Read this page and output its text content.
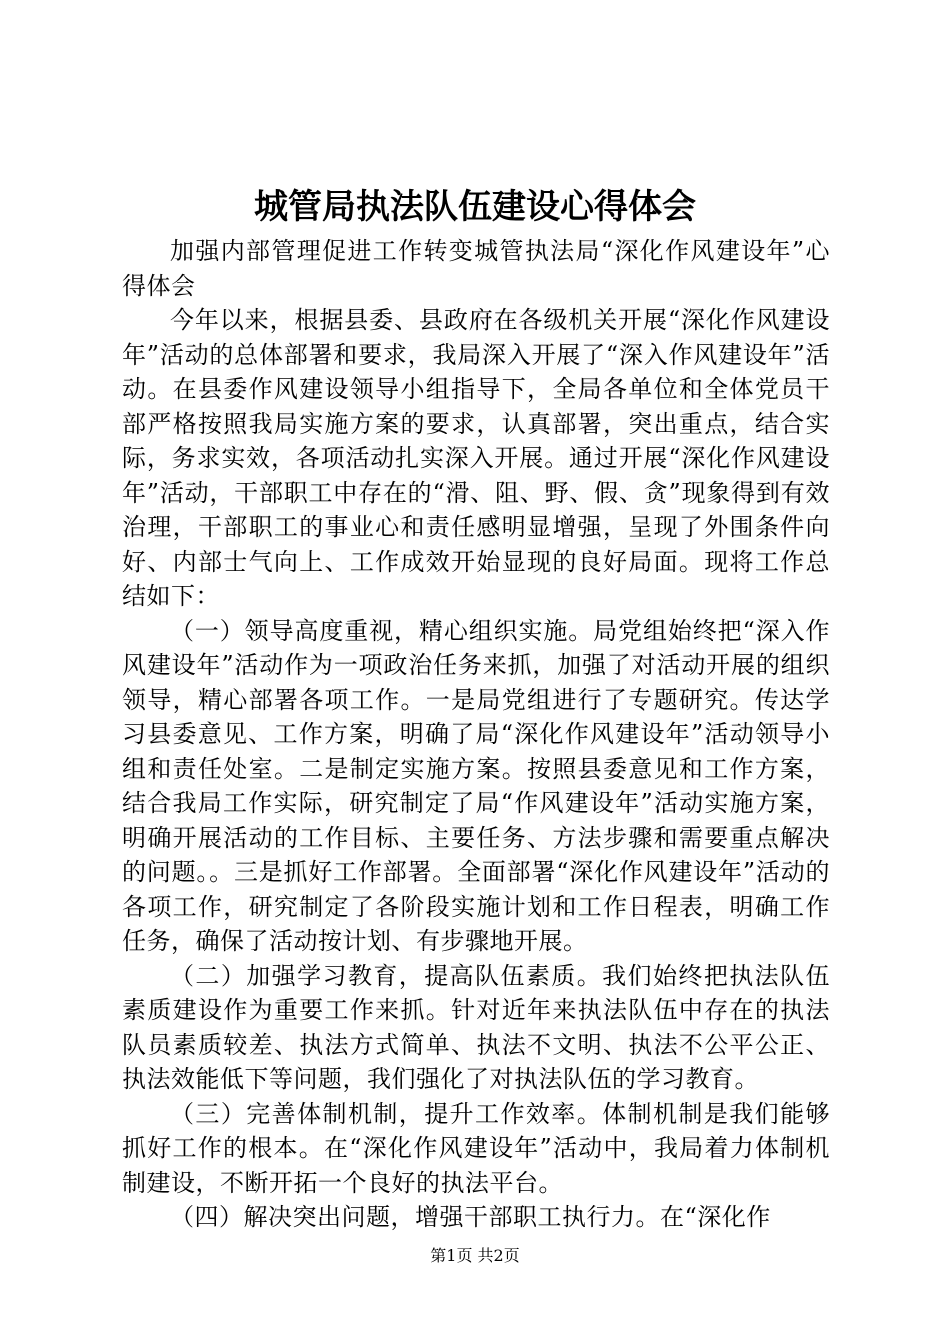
城管局执法队伍建设心得体会

加强内部管理促进工作转变城管执法局“深化作风建设年”心得体会

今年以来，根据县委、县政府在各级机关开展“深化作风建设年”活动的总体部署和要求，我局深入开展了“深入作风建设年”活动。在县委作风建设领导小组指导下，全局各单位和全体党员干部严格按照我局实施方案的要求，认真部署，突出重点，结合实际，务求实效，各项活动扎实深入开展。通过开展“深化作风建设年”活动，干部职工中存在的“滑、阻、野、假、贪”现象得到有效治理，干部职工的事业心和责任感明显增强，呈现了外围条件向好、内部士气向上、工作成效开始显现的良好局面。现将工作总结如下：

（一）领导高度重视，精心组织实施。局党组始终把“深入作风建设年”活动作为一项政治任务来抓，加强了对活动开展的组织领导，精心部署各项工作。一是局党组进行了专题研究。传达学习县委意见、工作方案，明确了局“深化作风建设年”活动领导小组和责任处室。二是制定实施方案。按照县委意见和工作方案，结合我局工作实际，研究制定了局“作风建设年”活动实施方案，明确开展活动的工作目标、主要任务、方法步骤和需要重点解决的问题。。三是抓好工作部署。全面部署“深化作风建设年”活动的各项工作，研究制定了各阶段实施计划和工作日程表，明确工作任务，确保了活动按计划、有步骤地开展。

（二）加强学习教育，提高队伍素质。我们始终把执法队伍素质建设作为重要工作来抓。针对近年来执法队伍中存在的执法队员素质较差、执法方式简单、执法不文明、执法不公平公正、执法效能低下等问题，我们强化了对执法队伍的学习教育。

（三）完善体制机制，提升工作效率。体制机制是我们能够抓好工作的根本。在“深化作风建设年”活动中，我局着力体制机制建设，不断开拓一个良好的执法平台。

（四）解决突出问题，增强干部职工执行力。在“深化作

第1页 共2页
